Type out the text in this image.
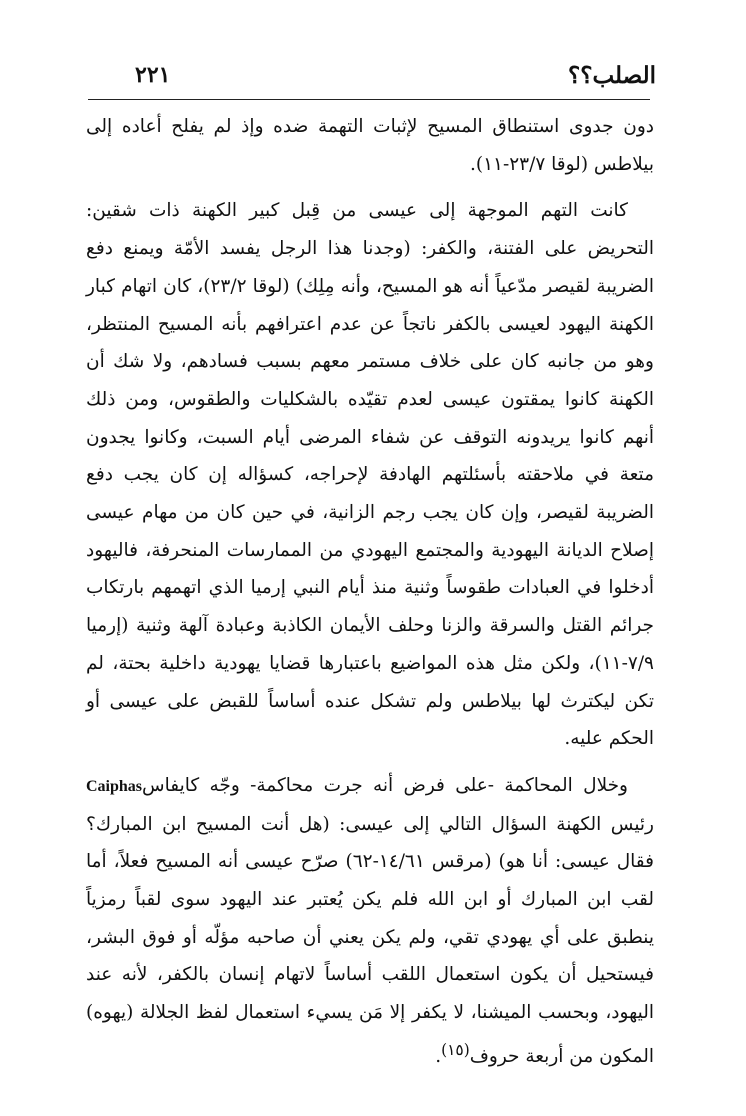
الصلب؟؟
٢٢١

دون جدوى استنطاق المسيح لإثبات التهمة ضده وإذ لم يفلح أعاده إلى بيلاطس (لوقا ٢٣/٧-١١).

كانت التهم الموجهة إلى عيسى من قِبل كبير الكهنة ذات شقين: التحريض على الفتنة، والكفر: (وجدنا هذا الرجل يفسد الأمّة ويمنع دفع الضريبة لقيصر مدّعياً أنه هو المسيح، وأنه مِلِك) (لوقا ٢٣/٢)، كان اتهام كبار الكهنة اليهود لعيسى بالكفر ناتجاً عن عدم اعترافهم بأنه المسيح المنتظر، وهو من جانبه كان على خلاف مستمر معهم بسبب فسادهم، ولا شك أن الكهنة كانوا يمقتون عيسى لعدم تقيّده بالشكليات والطقوس، ومن ذلك أنهم كانوا يريدونه التوقف عن شفاء المرضى أيام السبت، وكانوا يجدون متعة في ملاحقته بأسئلتهم الهادفة لإحراجه، كسؤاله إن كان يجب دفع الضريبة لقيصر، وإن كان يجب رجم الزانية، في حين كان من مهام عيسى إصلاح الديانة اليهودية والمجتمع اليهودي من الممارسات المنحرفة، فاليهود أدخلوا في العبادات طقوساً وثنية منذ أيام النبي إرميا الذي اتهمهم بارتكاب جرائم القتل والسرقة والزنا وحلف الأيمان الكاذبة وعبادة آلهة وثنية (إرميا ٧/٩-١١)، ولكن مثل هذه المواضيع باعتبارها قضايا يهودية داخلية بحتة، لم تكن ليكترث لها بيلاطس ولم تشكل عنده أساساً للقبض على عيسى أو الحكم عليه.

وخلال المحاكمة -على فرض أنه جرت محاكمة- وجّه كايفاسCaiphas رئيس الكهنة السؤال التالي إلى عيسى: (هل أنت المسيح ابن المبارك؟ فقال عيسى: أنا هو) (مرقس ١٤/٦١-٦٢) صرّح عيسى أنه المسيح فعلاً، أما لقب ابن المبارك أو ابن الله فلم يكن يُعتبر عند اليهود سوى لقباً رمزياً ينطبق على أي يهودي تقي، ولم يكن يعني أن صاحبه مؤلّه أو فوق البشر، فيستحيل أن يكون استعمال اللقب أساساً لاتهام إنسان بالكفر، لأنه عند اليهود، وبحسب الميشنا، لا يكفر إلا مَن يسيء استعمال لفظ الجلالة (يهوه) المكون من أربعة حروف$^{(١٥)}$.
